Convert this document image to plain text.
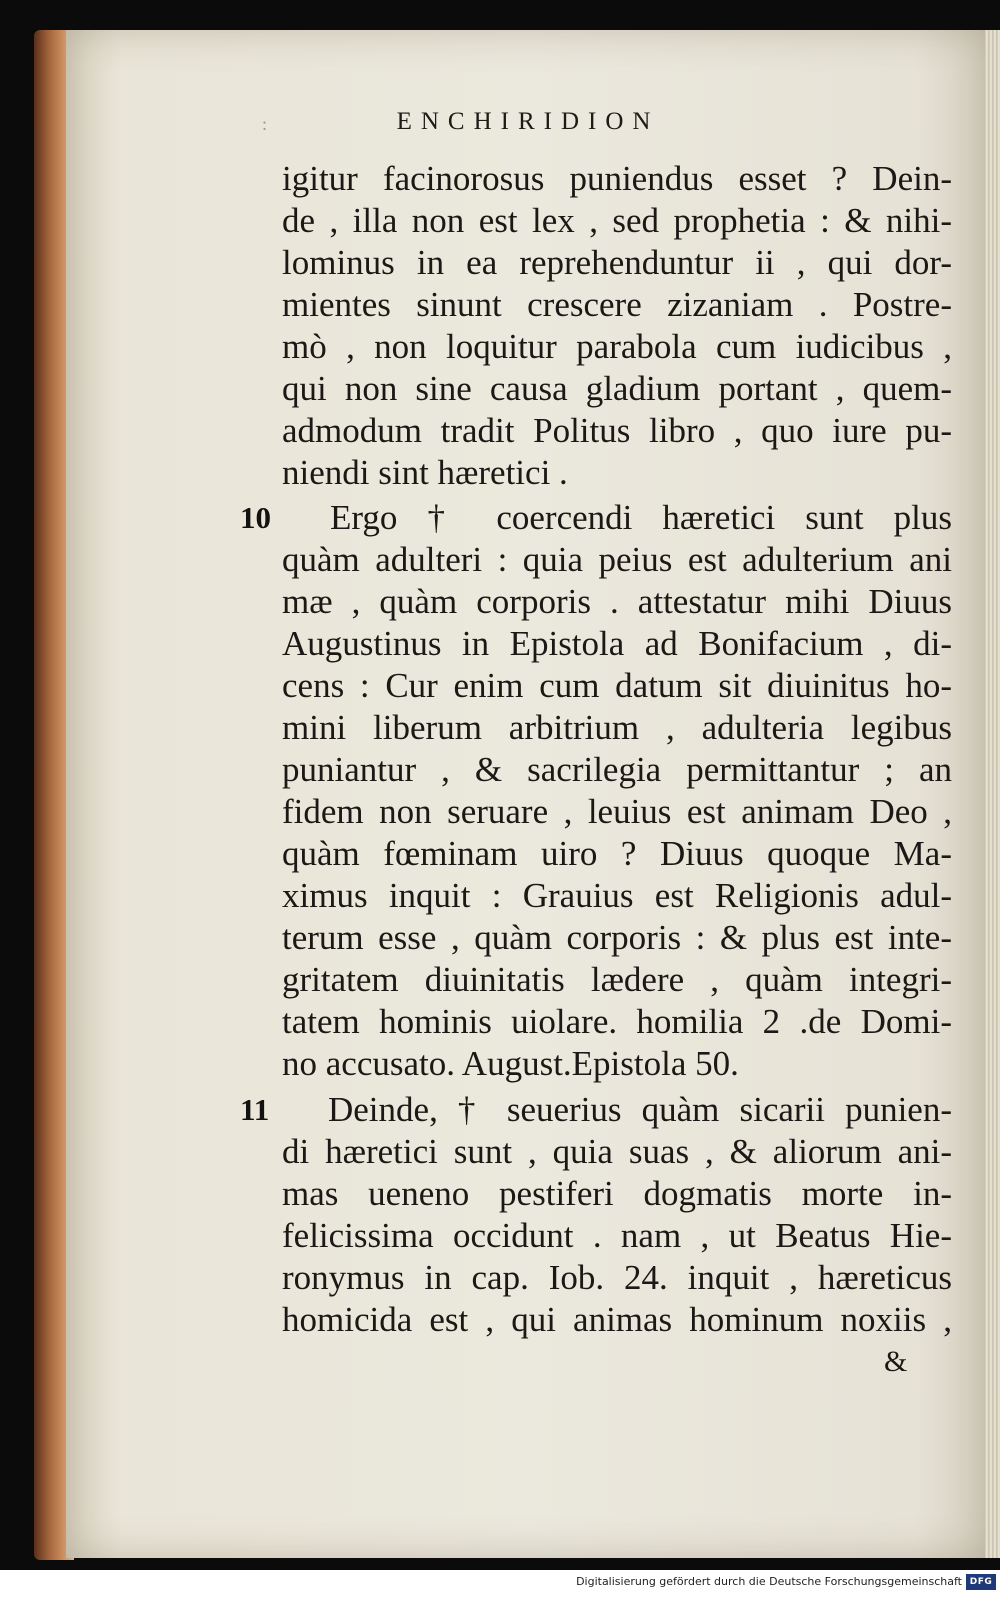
:	ENCHIRIDION

igitur facinorosus puniendus esset ? Dein-

de , illa non est lex , sed prophetia : & nihi-

lominus in ea reprehenduntur ii , qui dor-

mientes sinunt crescere zizaniam . Postre-

mò , non loquitur parabola cum iudicibus ,

qui non sine causa gladium portant , quem-

admodum tradit Politus libro , quo iure pu-

niendi sint hæretici .

10 Ergo † coercendi hæretici sunt plus

quàm adulteri : quia peius est adulterium ani

mæ , quàm corporis . attestatur mihi Diuus

Augustinus in Epistola ad Bonifacium , di-

cens : Cur enim cum datum sit diuinitus ho-

mini liberum arbitrium , adulteria legibus

puniantur , & sacrilegia permittantur ; an

fidem non seruare , leuius est animam Deo ,

quàm fœminam uiro ? Diuus quoque Ma-

ximus inquit : Grauius est Religionis adul-

terum esse , quàm corporis : & plus est inte-

gritatem diuinitatis lædere , quàm integri-

tatem hominis uiolare. homilia 2 .de Domi-

no accusato. August.Epistola 50.

11 Deinde, † seuerius quàm sicarii punien-

di hæretici sunt , quia suas , & aliorum ani-

mas ueneno pestiferi dogmatis morte in-

felicissima occidunt . nam , ut Beatus Hie-

ronymus in cap. Iob. 24. inquit , hæreticus

homicida est , qui animas hominum noxiis ,

&
Digitalisierung gefördert durch die Deutsche Forschungsgemeinschaft DFG
